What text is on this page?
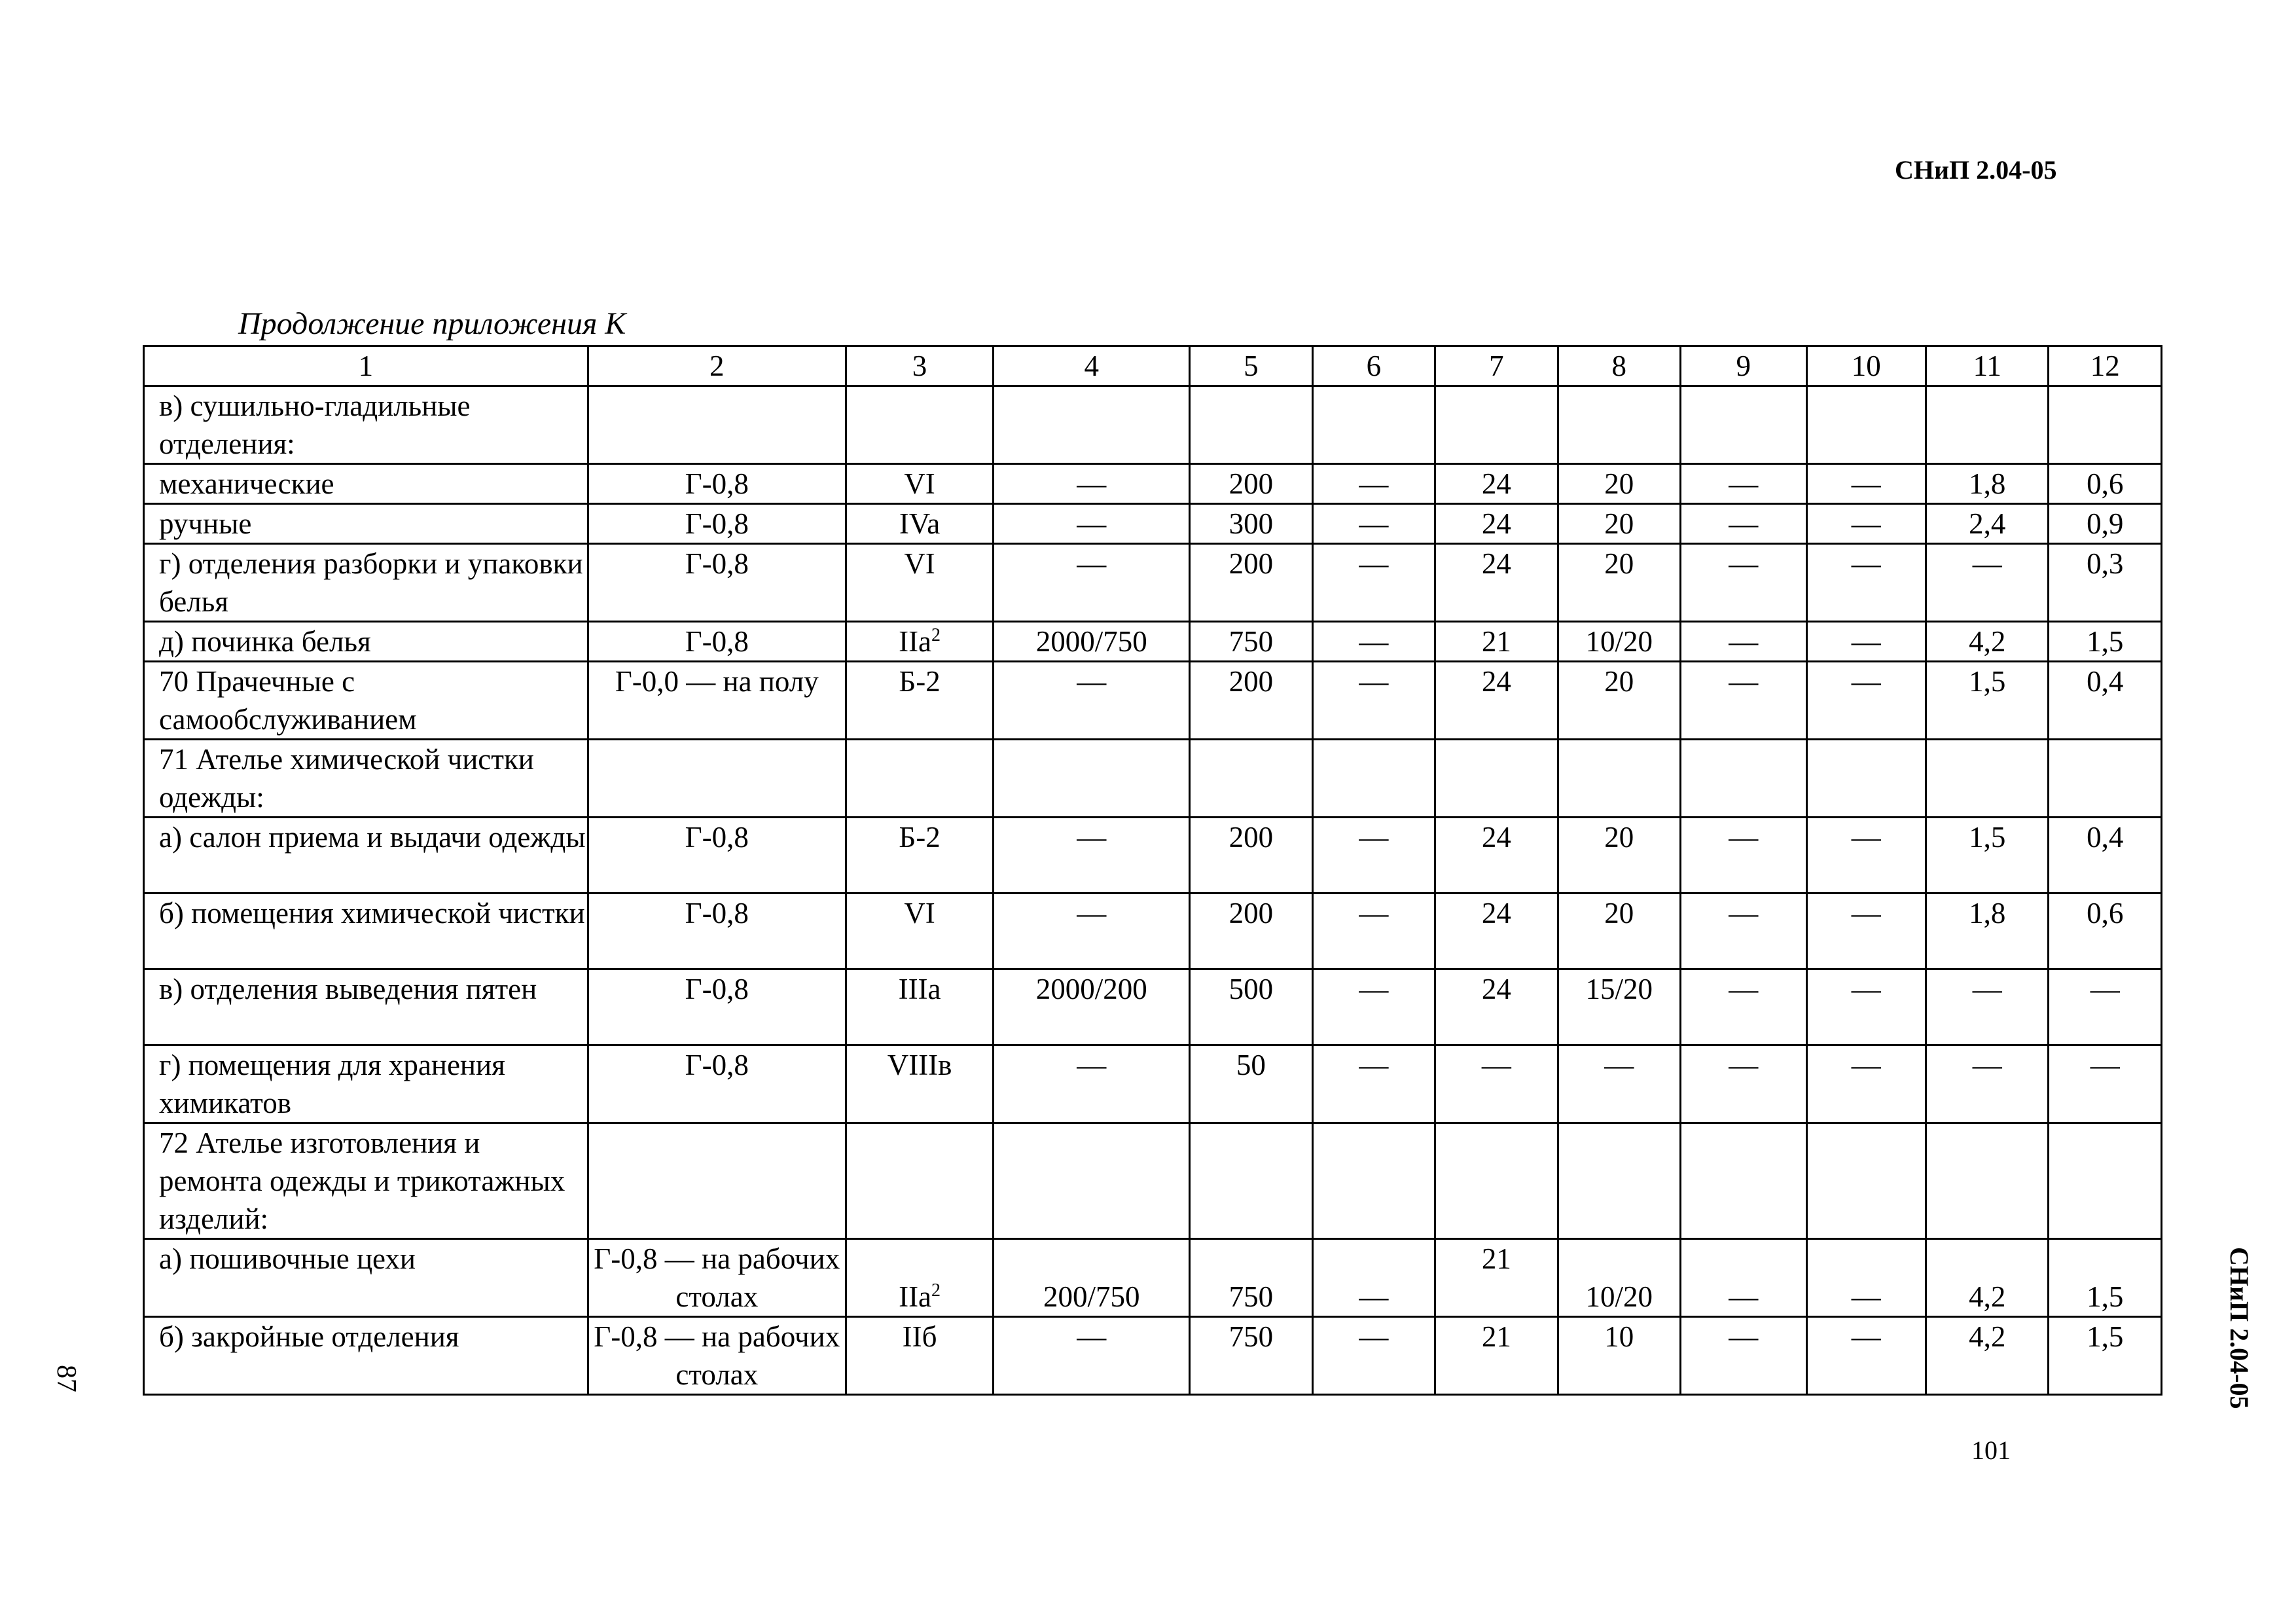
СНиП 2.04-05
Продолжение приложения К
1	2	3	4	5	6	7	8	9	10	11	12
в) сушильно-гладильные отделения:											
механические	Г-0,8	VI	—	200	—	24	20	—	—	1,8	0,6
ручные	Г-0,8	IVa	—	300	—	24	20	—	—	2,4	0,9
г) отделения разборки и упаковки белья	Г-0,8	VI	—	200	—	24	20	—	—	—	0,3
д) починка белья	Г-0,8	IIa$^2$	2000/750	750	—	21	10/20	—	—	4,2	1,5
70 Прачечные с самообслуживанием	Г-0,0 — на полу	Б-2	—	200	—	24	20	—	—	1,5	0,4
71 Ателье химической чистки одежды:											
а) салон приема и выдачи одежды	Г-0,8	Б-2	—	200	—	24	20	—	—	1,5	0,4
б) помещения химической чистки	Г-0,8	VI	—	200	—	24	20	—	—	1,8	0,6
в) отделения выведения пятен	Г-0,8	IIIa	2000/200	500	—	24	15/20	—	—	—	—
г) помещения для хранения химикатов	Г-0,8	VIIIв	—	50	—	—	—	—	—	—	—
72 Ателье изготовления и ремонта одежды и трикотажных изделий:											
а) пошивочные цехи	Г-0,8 — на рабочих столах	IIa$^2$	200/750	750	—	21	10/20	—	—	4,2	1,5
б) закройные отделения	Г-0,8 — на рабочих столах	IIб	—	750	—	21	10	—	—	4,2	1,5
87
101
СНиП 2.04-05
